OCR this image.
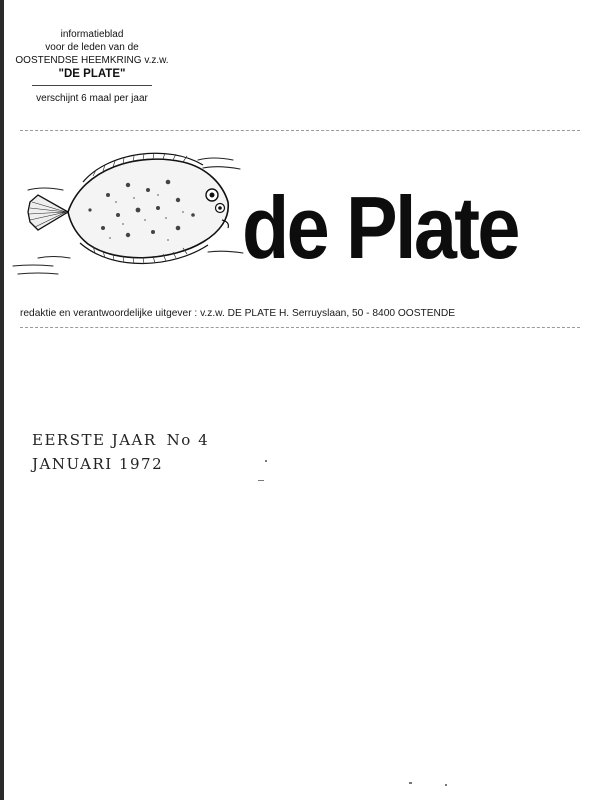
informatieblad
voor de leden van de
OOSTENDSE HEEMKRING v.z.w.
"DE PLATE"
verschijnt 6 maal per jaar
de Plate
redaktie en verantwoordelijke uitgever : v.z.w. DE PLATE H. Serruyslaan, 50 - 8400 OOSTENDE
EERSTE JAAR No 4
JANUARI 1972
